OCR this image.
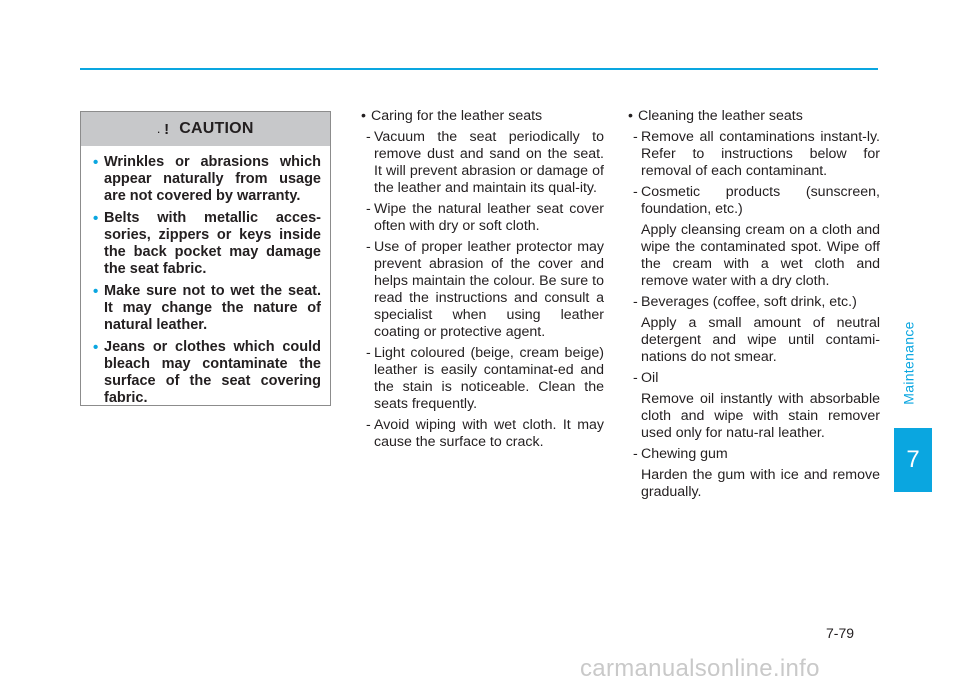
. ! CAUTION
• Wrinkles or abrasions which appear naturally from usage are not covered by warranty.
• Belts with metallic acces-sories, zippers or keys inside the back pocket may damage the seat fabric.
• Make sure not to wet the seat. It may change the nature of natural leather.
• Jeans or clothes which could bleach may contaminate the surface of the seat covering fabric.
• Caring for the leather seats
- Vacuum the seat periodically to remove dust and sand on the seat. It will prevent abrasion or damage of the leather and maintain its qual-ity.
- Wipe the natural leather seat cover often with dry or soft cloth.
- Use of proper leather protector may prevent abrasion of the cover and helps maintain the colour. Be sure to read the instructions and consult a specialist when using leather coating or protective agent.
- Light coloured (beige, cream beige) leather is easily contaminat-ed and the stain is noticeable. Clean the seats frequently.
- Avoid wiping with wet cloth. It may cause the surface to crack.
• Cleaning the leather seats
- Remove all contaminations instant-ly. Refer to instructions below for removal of each contaminant.
- Cosmetic products (sunscreen, foundation, etc.)
Apply cleansing cream on a cloth and wipe the contaminated spot. Wipe off the cream with a wet cloth and remove water with a dry cloth.
- Beverages (coffee, soft drink, etc.)
Apply a small amount of neutral detergent and wipe until contami-nations do not smear.
- Oil
Remove oil instantly with absorbable cloth and wipe with stain remover used only for natu-ral leather.
- Chewing gum
Harden the gum with ice and remove gradually.
Maintenance
7
7-79
carmanualsonline.info
